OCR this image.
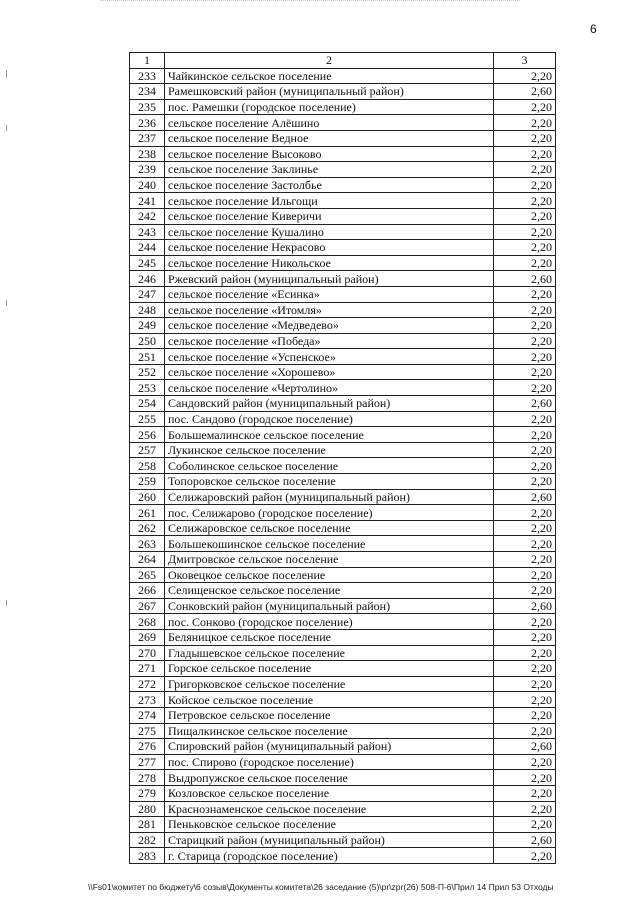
6
1	2	3
233	Чайкинское сельское поселение	2,20
234	Рамешковский район (муниципальный район)	2,60
235	пос. Рамешки (городское поселение)	2,20
236	сельское поселение Алёшино	2,20
237	сельское поселение Ведное	2,20
238	сельское поселение Высоково	2,20
239	сельское поселение Заклинье	2,20
240	сельское поселение Застолбье	2,20
241	сельское поселение Ильгощи	2,20
242	сельское поселение Киверичи	2,20
243	сельское поселение Кушалино	2,20
244	сельское поселение Некрасово	2,20
245	сельское поселение Никольское	2,20
246	Ржевский район (муниципальный район)	2,60
247	сельское поселение «Есинка»	2,20
248	сельское поселение «Итомля»	2,20
249	сельское поселение «Медведево»	2,20
250	сельское поселение «Победа»	2,20
251	сельское поселение «Успенское»	2,20
252	сельское поселение «Хорошево»	2,20
253	сельское поселение «Чертолино»	2,20
254	Сандовский район (муниципальный район)	2,60
255	пос. Сандово (городское поселение)	2,20
256	Большемалинское сельское поселение	2,20
257	Лукинское сельское поселение	2,20
258	Соболинское сельское поселение	2,20
259	Топоровское сельское поселение	2,20
260	Селижаровский район (муниципальный район)	2,60
261	пос. Селижарово (городское поселение)	2,20
262	Селижаровское сельское поселение	2,20
263	Большекошинское сельское поселение	2,20
264	Дмитровское сельское поселение	2,20
265	Оковецкое сельское поселение	2,20
266	Селищенское сельское поселение	2,20
267	Сонковский район (муниципальный район)	2,60
268	пос. Сонково (городское поселение)	2,20
269	Беляницкое сельское поселение	2,20
270	Гладышевское сельское поселение	2,20
271	Горское сельское поселение	2,20
272	Григорковское сельское поселение	2,20
273	Койское сельское поселение	2,20
274	Петровское сельское поселение	2,20
275	Пищалкинское сельское поселение	2,20
276	Спировский район (муниципальный район)	2,60
277	пос. Спирово (городское поселение)	2,20
278	Выдропужское сельское поселение	2,20
279	Козловское сельское поселение	2,20
280	Краснознаменское сельское поселение	2,20
281	Пеньковское сельское поселение	2,20
282	Старицкий район (муниципальный район)	2,60
283	г. Старица (городское поселение)	2,20
\\Fs01\комитет по бюджету\6 созыв\Документы комитета\26 заседание (5)\pr\zpr(26) 508-П-6\Прил 14 Прил 53 Отходы
